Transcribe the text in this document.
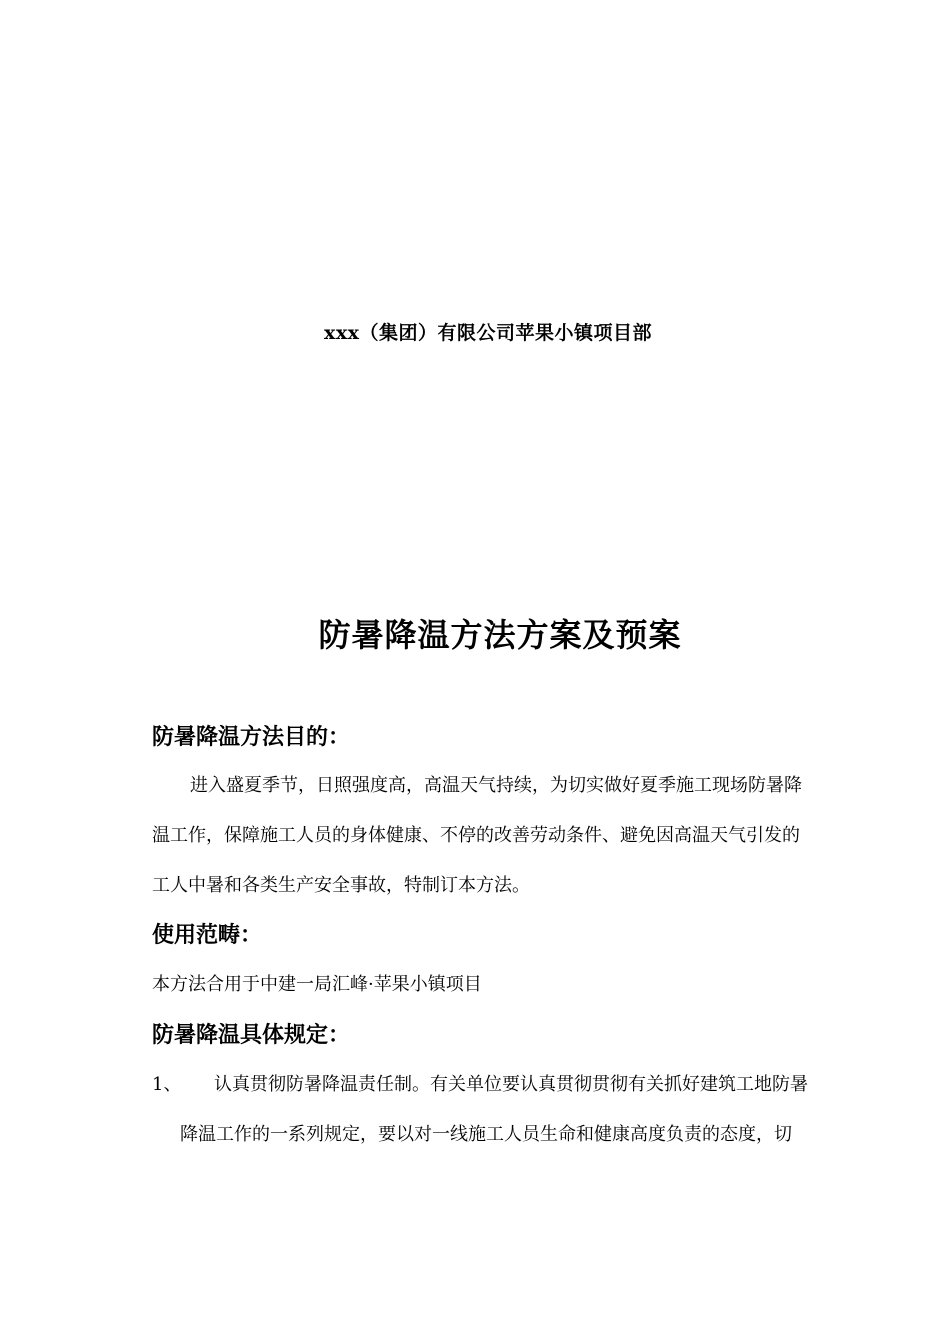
xxx（集团）有限公司苹果小镇项目部
防暑降温方法方案及预案
防暑降温方法目的：
进入盛夏季节，日照强度高，高温天气持续，为切实做好夏季施工现场防暑降
温工作，保障施工人员的身体健康、不停的改善劳动条件、避免因高温天气引发的
工人中暑和各类生产安全事故，特制订本方法。
使用范畴：
本方法合用于中建一局汇峰·苹果小镇项目
防暑降温具体规定：
1、 认真贯彻防暑降温责任制。有关单位要认真贯彻贯彻有关抓好建筑工地防暑
降温工作的一系列规定，要以对一线施工人员生命和健康高度负责的态度，切
